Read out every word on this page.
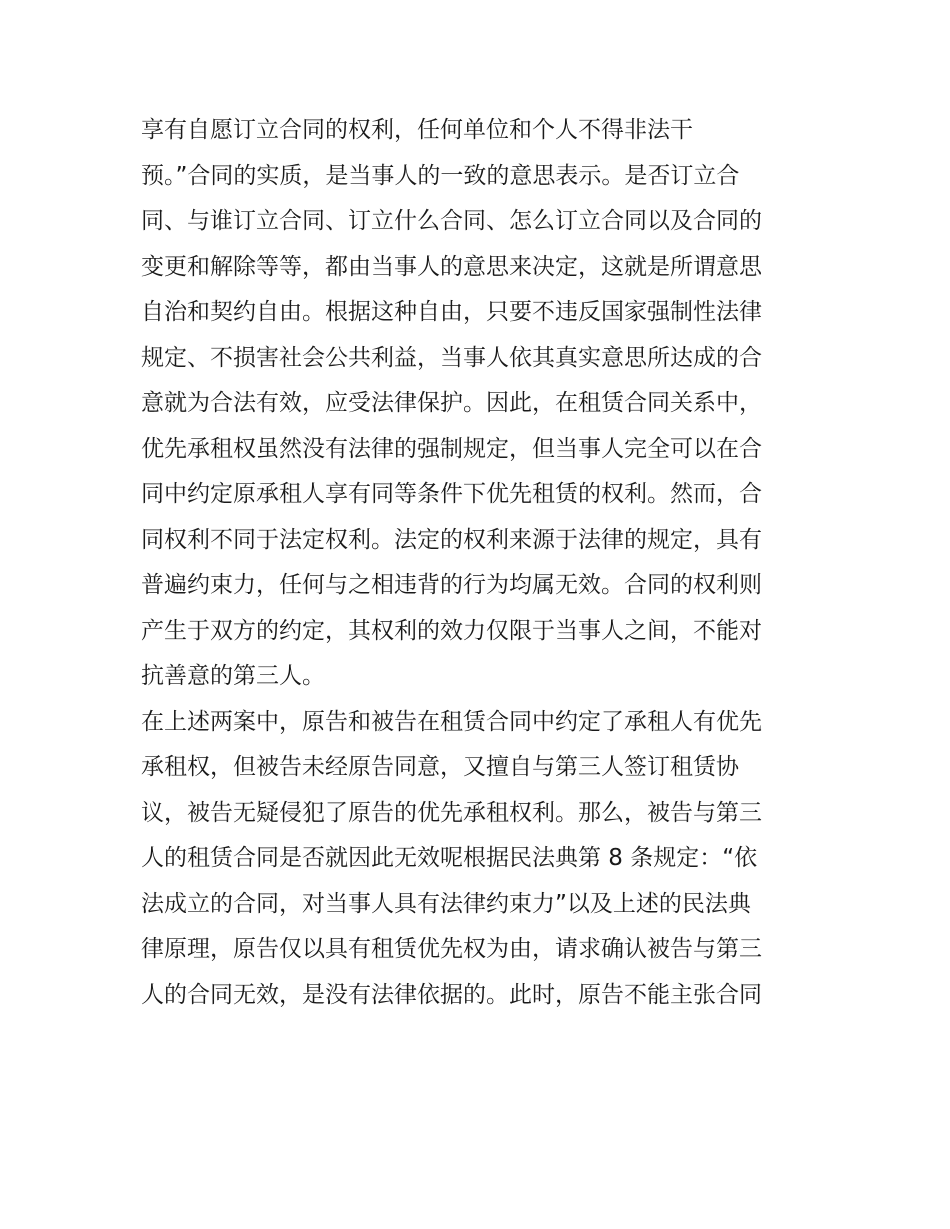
享有自愿订立合同的权利，任何单位和个人不得非法干
预。”合同的实质，是当事人的一致的意思表示。是否订立合
同、与谁订立合同、订立什么合同、怎么订立合同以及合同的
变更和解除等等，都由当事人的意思来决定，这就是所谓意思
自治和契约自由。根据这种自由，只要不违反国家强制性法律
规定、不损害社会公共利益，当事人依其真实意思所达成的合
意就为合法有效，应受法律保护。因此，在租赁合同关系中，
优先承租权虽然没有法律的强制规定，但当事人完全可以在合
同中约定原承租人享有同等条件下优先租赁的权利。然而，合
同权利不同于法定权利。法定的权利来源于法律的规定，具有
普遍约束力，任何与之相违背的行为均属无效。合同的权利则
产生于双方的约定，其权利的效力仅限于当事人之间，不能对
抗善意的第三人。
在上述两案中，原告和被告在租赁合同中约定了承租人有优先
承租权，但被告未经原告同意，又擅自与第三人签订租赁协
议，被告无疑侵犯了原告的优先承租权利。那么，被告与第三
人的租赁合同是否就因此无效呢根据民法典第 8 条规定：“依
法成立的合同，对当事人具有法律约束力”以及上述的民法典
律原理，原告仅以具有租赁优先权为由，请求确认被告与第三
人的合同无效，是没有法律依据的。此时，原告不能主张合同
